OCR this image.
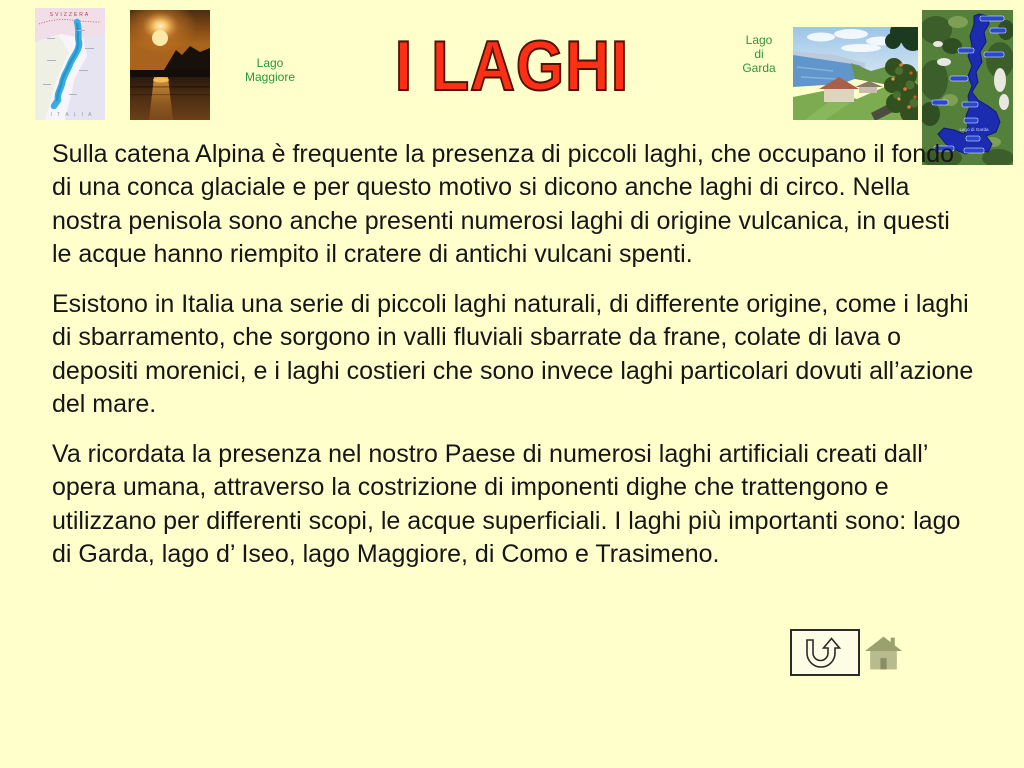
SVIZZERA
I T A L I A
Lago
Maggiore I LAGHI	Lago
di
Garda
Lago di Garda

Sulla catena Alpina è frequente la presenza di piccoli laghi, che occupano il fondo di una conca glaciale e per questo motivo si dicono anche laghi di circo. Nella nostra penisola sono anche presenti numerosi laghi di origine vulcanica, in questi le acque hanno riempito il cratere di antichi vulcani spenti.

Esistono in Italia una serie di piccoli laghi naturali, di differente origine, come i laghi di sbarramento, che sorgono in valli fluviali sbarrate da frane, colate di lava o depositi morenici, e i laghi costieri che sono invece laghi particolari dovuti all’azione del mare.

Va ricordata la presenza nel nostro Paese di numerosi laghi artificiali creati dall’ opera umana, attraverso la costrizione di imponenti dighe che trattengono e utilizzano per differenti scopi, le acque superficiali. I laghi più importanti sono: lago di Garda, lago d’ Iseo, lago Maggiore, di Como e Trasimeno.
